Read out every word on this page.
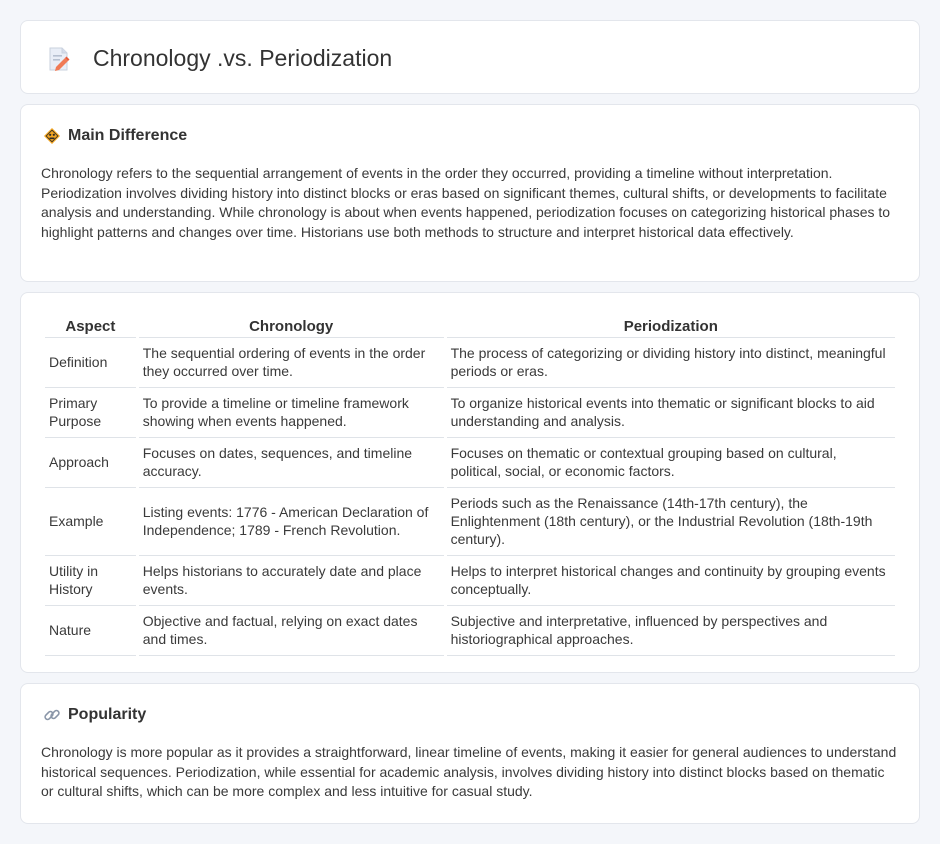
Chronology .vs. Periodization
Main Difference

Chronology refers to the sequential arrangement of events in the order they occurred, providing a timeline without interpretation. Periodization involves dividing history into distinct blocks or eras based on significant themes, cultural shifts, or developments to facilitate analysis and understanding. While chronology is about when events happened, periodization focuses on categorizing historical phases to highlight patterns and changes over time. Historians use both methods to structure and interpret historical data effectively.

Aspect	Chronology	Periodization
Definition	The sequential ordering of events in the order they occurred over time.	The process of categorizing or dividing history into distinct, meaningful periods or eras.
Primary Purpose	To provide a timeline or timeline framework showing when events happened.	To organize historical events into thematic or significant blocks to aid understanding and analysis.
Approach	Focuses on dates, sequences, and timeline accuracy.	Focuses on thematic or contextual grouping based on cultural, political, social, or economic factors.
Example	Listing events: 1776 - American Declaration of Independence; 1789 - French Revolution.	Periods such as the Renaissance (14th-17th century), the Enlightenment (18th century), or the Industrial Revolution (18th-19th century).
Utility in History	Helps historians to accurately date and place events.	Helps to interpret historical changes and continuity by grouping events conceptually.
Nature	Objective and factual, relying on exact dates and times.	Subjective and interpretative, influenced by perspectives and historiographical approaches.
Popularity

Chronology is more popular as it provides a straightforward, linear timeline of events, making it easier for general audiences to understand historical sequences. Periodization, while essential for academic analysis, involves dividing history into distinct blocks based on thematic or cultural shifts, which can be more complex and less intuitive for casual study.
